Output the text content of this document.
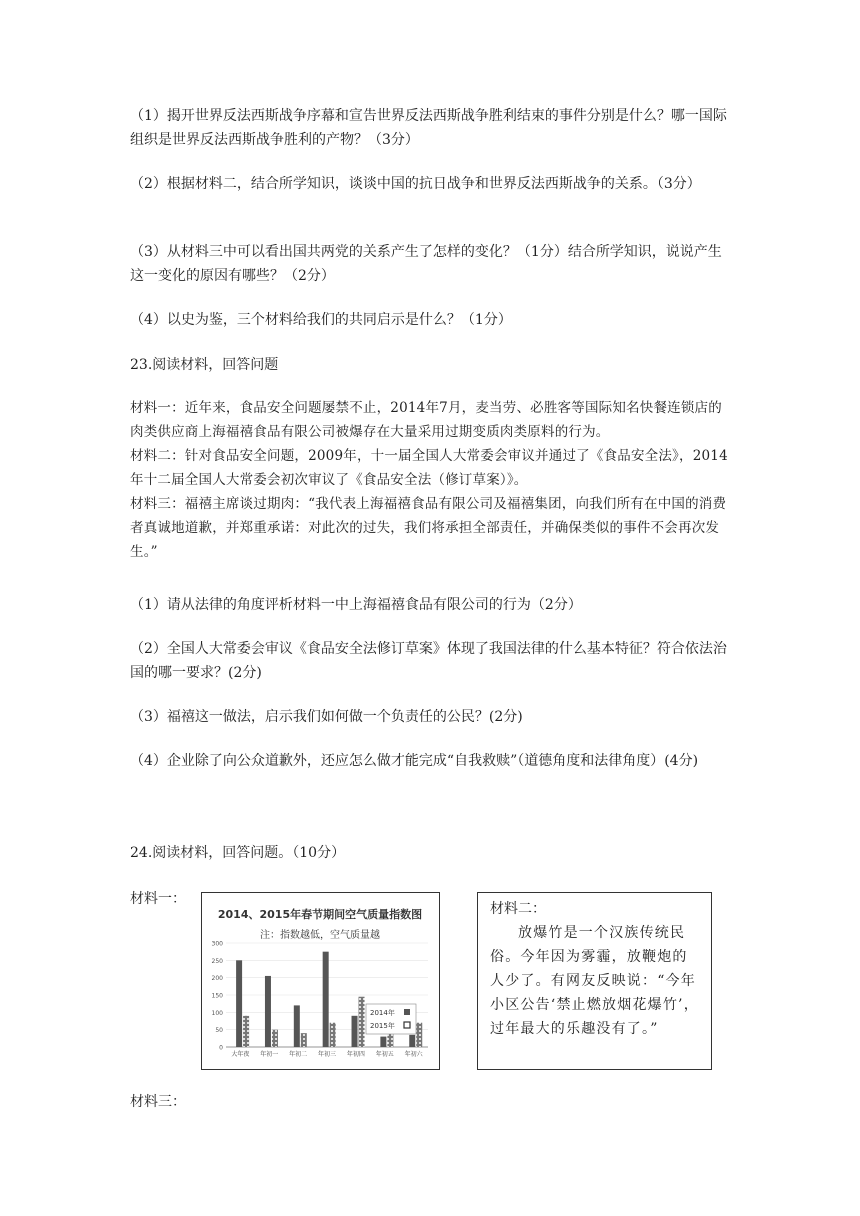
（1）揭开世界反法西斯战争序幕和宣告世界反法西斯战争胜利结束的事件分别是什么？哪一国际组织是世界反法西斯战争胜利的产物？（3分）

（2）根据材料二，结合所学知识，谈谈中国的抗日战争和世界反法西斯战争的关系。（3分）

（3）从材料三中可以看出国共两党的关系产生了怎样的变化？（1分）结合所学知识，说说产生这一变化的原因有哪些？（2分）

（4）以史为鉴，三个材料给我们的共同启示是什么？（1分）

23.阅读材料，回答问题

材料一：近年来，食品安全问题屡禁不止，2014年7月，麦当劳、必胜客等国际知名快餐连锁店的肉类供应商上海福禧食品有限公司被爆存在大量采用过期变质肉类原料的行为。

材料二：针对食品安全问题，2009年，十一届全国人大常委会审议并通过了《食品安全法》，2014年十二届全国人大常委会初次审议了《食品安全法（修订草案）》。

材料三：福禧主席谈过期肉：“我代表上海福禧食品有限公司及福禧集团，向我们所有在中国的消费者真诚地道歉，并郑重承诺：对此次的过失，我们将承担全部责任，并确保类似的事件不会再次发生。”

（1）请从法律的角度评析材料一中上海福禧食品有限公司的行为（2分）

（2）全国人大常委会审议《食品安全法修订草案》体现了我国法律的什么基本特征？符合依法治国的哪一要求？(2分)

（3）福禧这一做法，启示我们如何做一个负责任的公民？(2分)

（4）企业除了向公众道歉外，还应怎么做才能完成“自我救赎”（道德角度和法律角度）(4分)

24.阅读材料，回答问题。（10分）

材料一：

2014、2015年春节期间空气质量指数图
注：指数越低，空气质量越
0
50
100
150
200
250
300
大年夜 年初一 年初二 年初三 年初四 年初五 年初六
2014年
2015年

材料二：

放爆竹是一个汉族传统民俗。今年因为雾霾，放鞭炮的人少了。有网友反映说：“今年小区公告‘禁止燃放烟花爆竹’，过年最大的乐趣没有了。”

材料三：
